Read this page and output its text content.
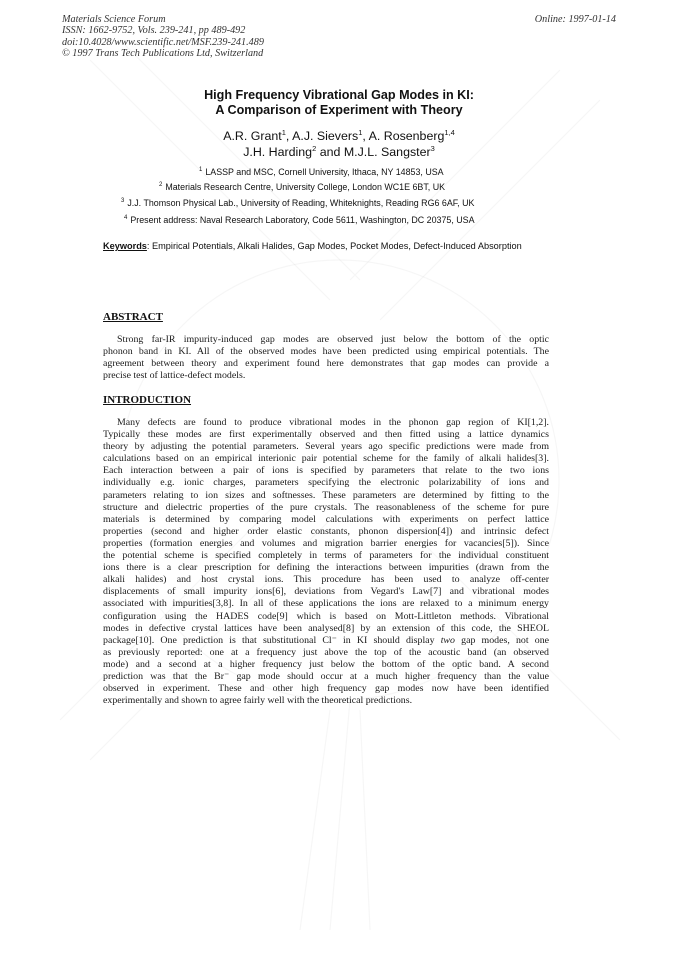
Materials Science Forum
ISSN: 1662-9752, Vols. 239-241, pp 489-492
doi:10.4028/www.scientific.net/MSF.239-241.489
© 1997 Trans Tech Publications Ltd, Switzerland
Online: 1997-01-14
High Frequency Vibrational Gap Modes in KI:
A Comparison of Experiment with Theory
A.R. Grant$^1$, A.J. Sievers$^1$, A. Rosenberg$^{1,4}$
J.H. Harding$^2$ and M.J.L. Sangster$^3$
$^1$ LASSP and MSC, Cornell University, Ithaca, NY 14853, USA
$^2$ Materials Research Centre, University College, London WC1E 6BT, UK
$^3$ J.J. Thomson Physical Lab., University of Reading, Whiteknights, Reading RG6 6AF, UK
$^4$ Present address: Naval Research Laboratory, Code 5611, Washington, DC 20375, USA
Keywords: Empirical Potentials, Alkali Halides, Gap Modes, Pocket Modes, Defect-Induced Absorption
ABSTRACT
Strong far-IR impurity-induced gap modes are observed just below the bottom of the optic
phonon band in KI. All of the observed modes have been predicted using empirical potentials. The
agreement between theory and experiment found here demonstrates that gap modes can provide a
precise test of lattice-defect models.
INTRODUCTION
Many defects are found to produce vibrational modes in the phonon gap region of KI[1,2].
Typically these modes are first experimentally observed and then fitted using a lattice dynamics
theory by adjusting the potential parameters. Several years ago specific predictions were made from
calculations based on an empirical interionic pair potential scheme for the family of alkali halides[3].
Each interaction between a pair of ions is specified by parameters that relate to the two ions
individually e.g. ionic charges, parameters specifying the electronic polarizability of ions and
parameters relating to ion sizes and softnesses. These parameters are determined by fitting to the
structure and dielectric properties of the pure crystals. The reasonableness of the scheme for pure
materials is determined by comparing model calculations with experiments on perfect lattice
properties (second and higher order elastic constants, phonon dispersion[4]) and intrinsic defect
properties (formation energies and volumes and migration barrier energies for vacancies[5]). Since
the potential scheme is specified completely in terms of parameters for the individual constituent
ions there is a clear prescription for defining the interactions between impurities (drawn from the
alkali halides) and host crystal ions. This procedure has been used to analyze off-center
displacements of small impurity ions[6], deviations from Vegard's Law[7] and vibrational modes
associated with impurities[3,8]. In all of these applications the ions are relaxed to a minimum energy
configuration using the HADES code[9] which is based on Mott-Littleton methods. Vibrational
modes in defective crystal lattices have been analysed[8] by an extension of this code, the SHEOL
package[10]. One prediction is that substitutional Cl⁻ in KI should display two gap modes, not one
as previously reported: one at a frequency just above the top of the acoustic band (an observed
mode) and a second at a higher frequency just below the bottom of the optic band. A second
prediction was that the Br⁻ gap mode should occur at a much higher frequency than the value
observed in experiment. These and other high frequency gap modes now have been identified
experimentally and shown to agree fairly well with the theoretical predictions.
